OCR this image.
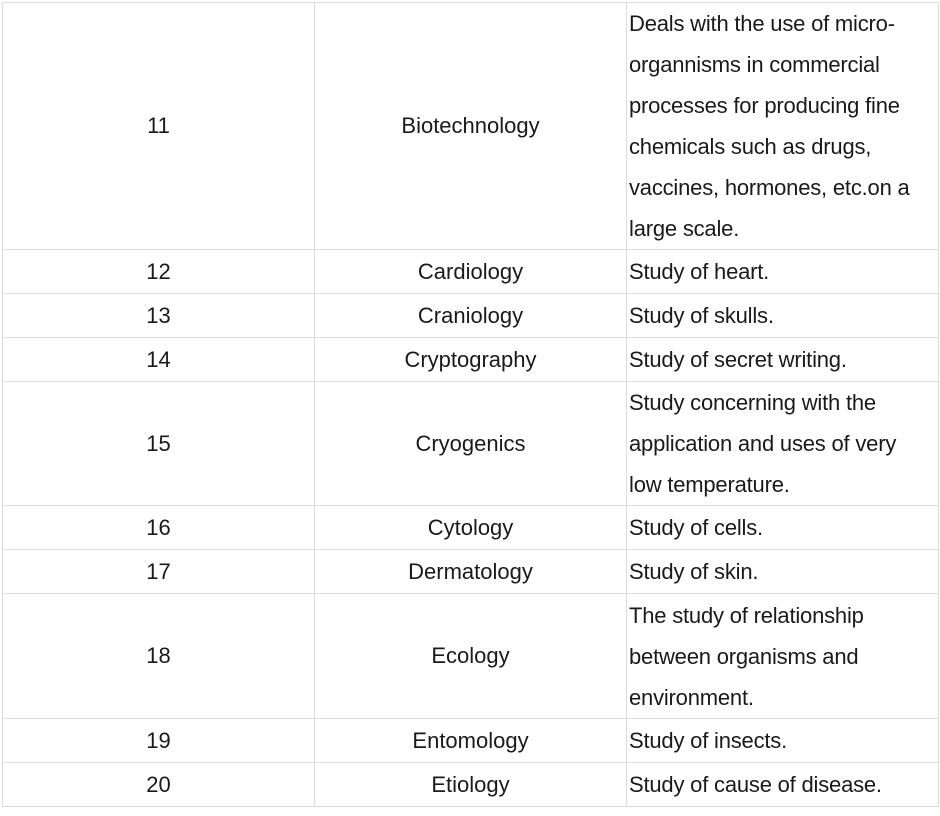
11	Biotechnology	Deals with the use of micro-organnisms in commercial processes for producing fine chemicals such as drugs, vaccines, hormones, etc.on a large scale.
12	Cardiology	Study of heart.
13	Craniology	Study of skulls.
14	Cryptography	Study of secret writing.
15	Cryogenics	Study concerning with the application and uses of very low temperature.
16	Cytology	Study of cells.
17	Dermatology	Study of skin.
18	Ecology	The study of relationship between organisms and environment.
19	Entomology	Study of insects.
20	Etiology	Study of cause of disease.
